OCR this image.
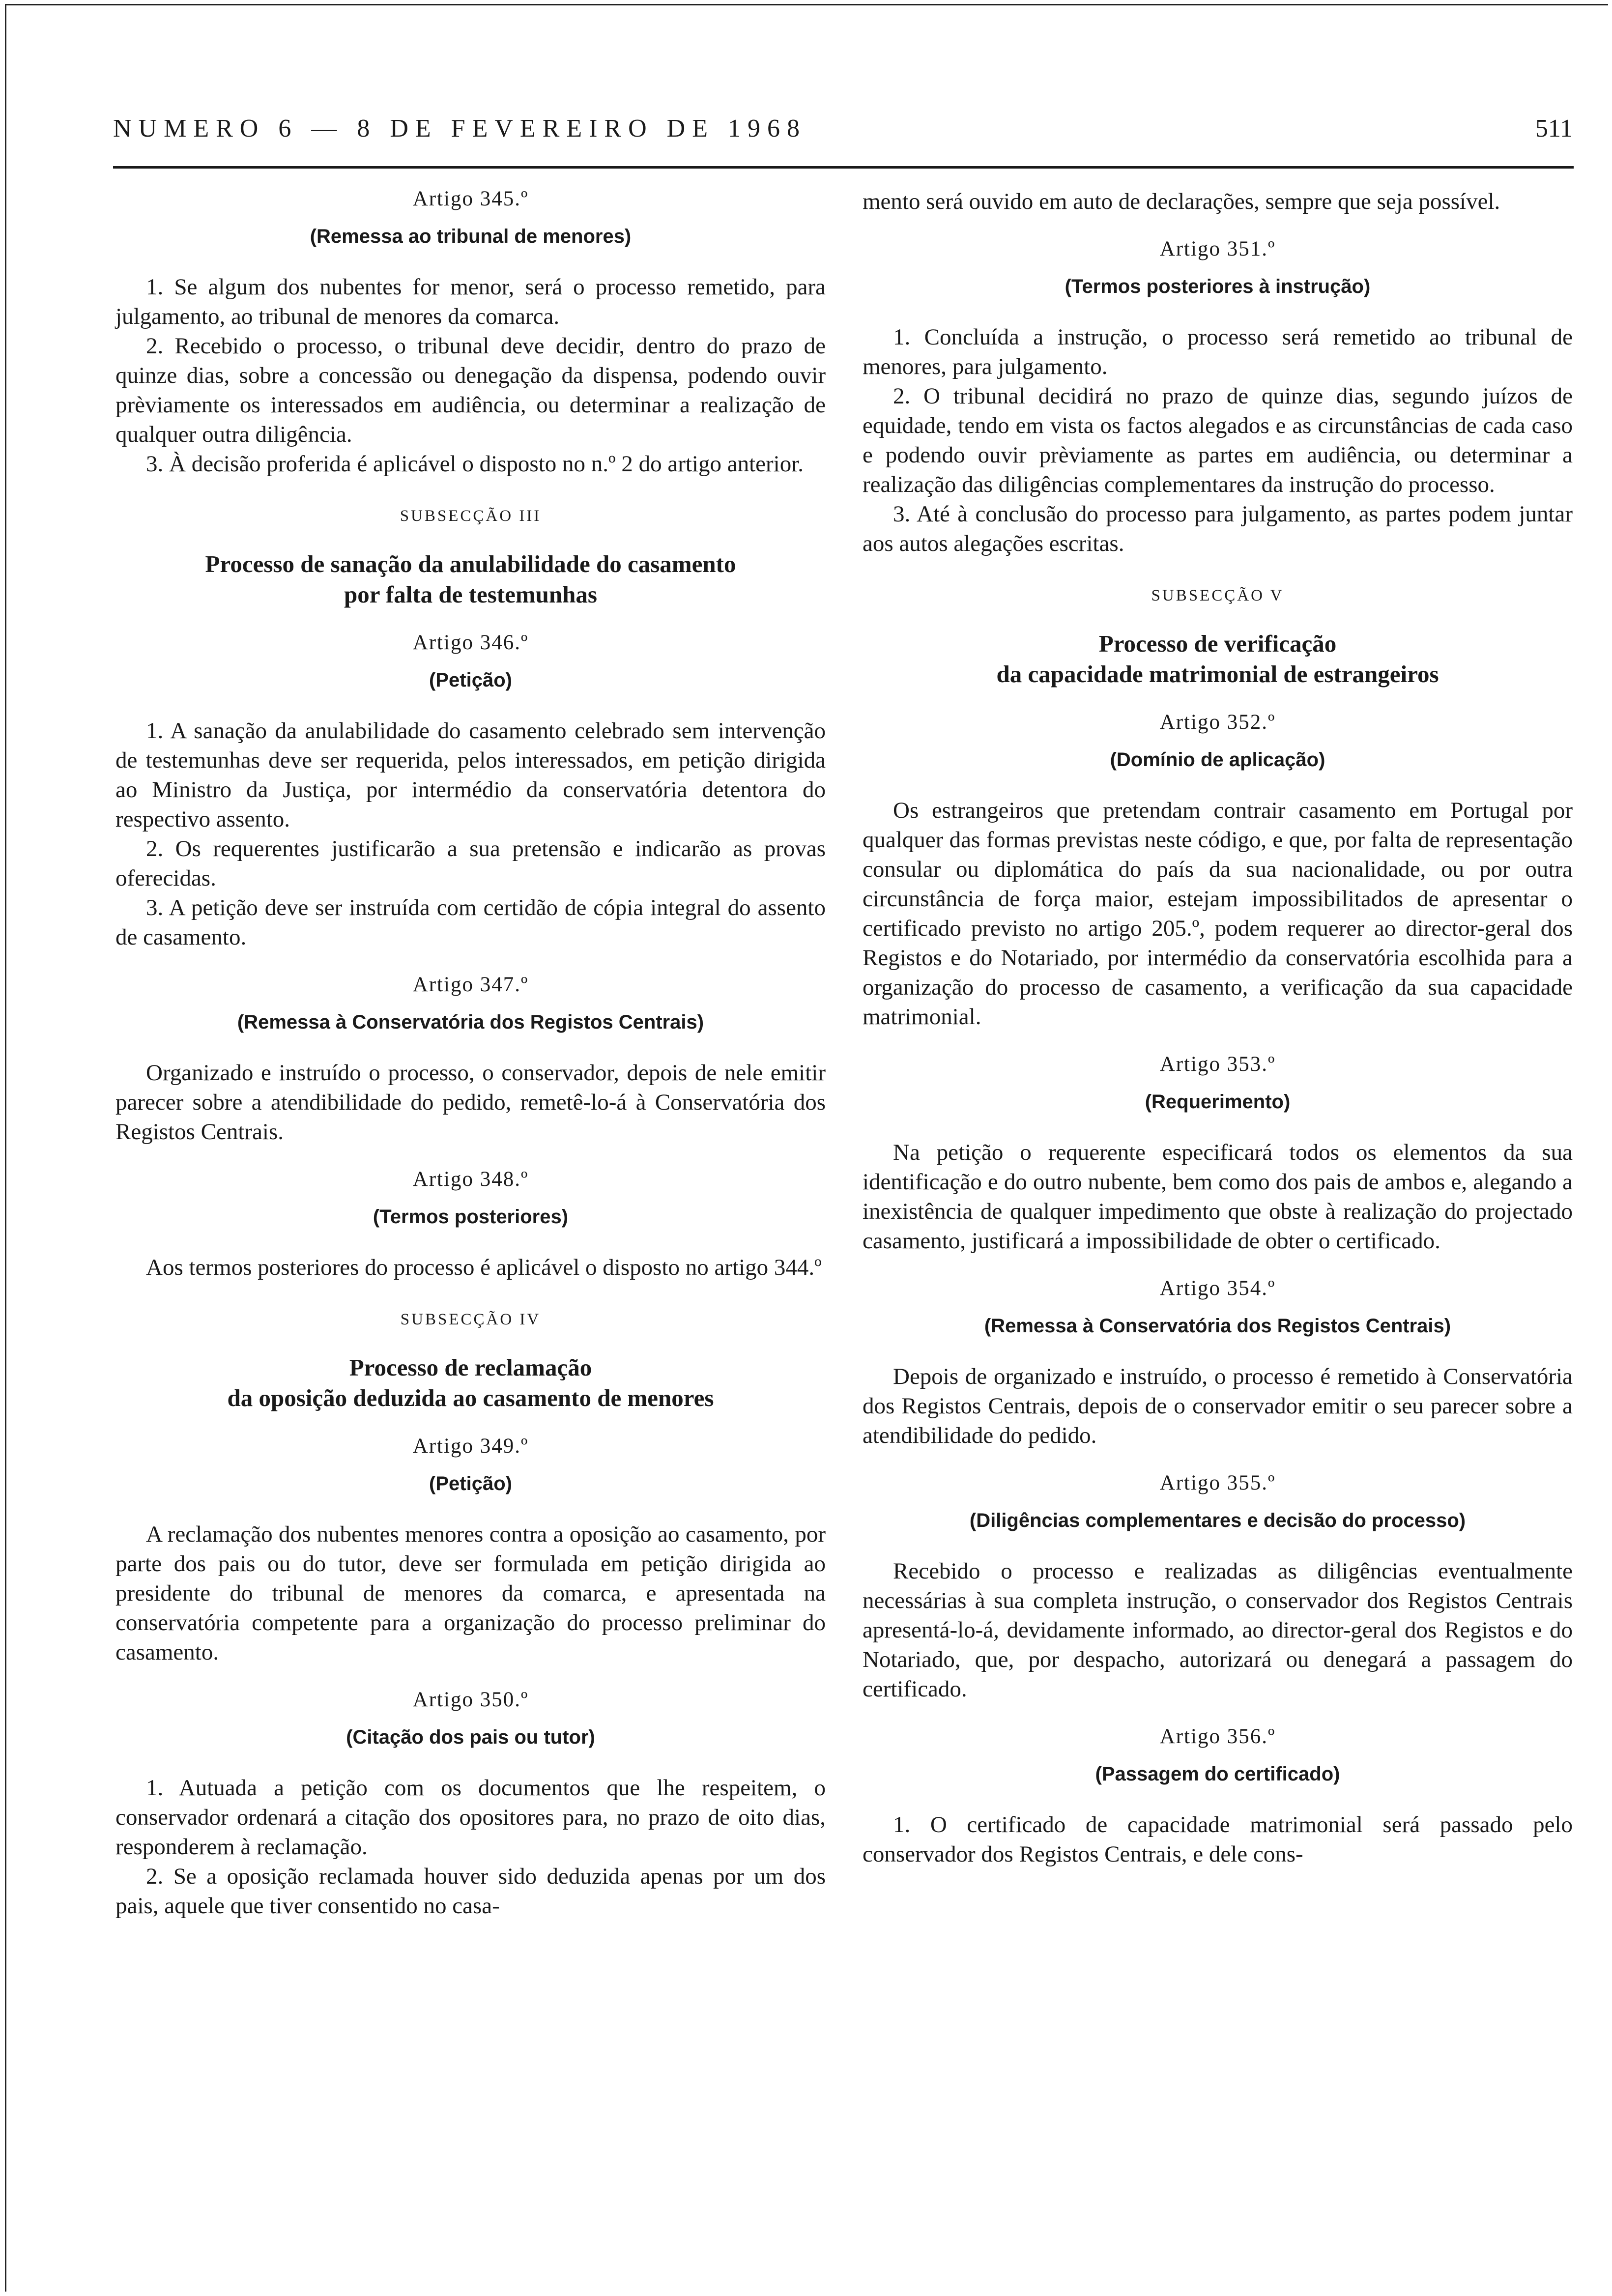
NUMERO 6 — 8 DE FEVEREIRO DE 1968	511
Artigo 345.º
(Remessa ao tribunal de menores)

1. Se algum dos nubentes for menor, será o processo remetido, para julgamento, ao tribunal de menores da comarca.

2. Recebido o processo, o tribunal deve decidir, dentro do prazo de quinze dias, sobre a concessão ou denegação da dispensa, podendo ouvir prèviamente os interessados em audiência, ou determinar a realização de qualquer outra diligência.

3. À decisão proferida é aplicável o disposto no n.º 2 do artigo anterior.

SUBSECÇÃO III
Processo de sanação da anulabilidade do casamento
por falta de testemunhas
Artigo 346.º
(Petição)

1. A sanação da anulabilidade do casamento celebrado sem intervenção de testemunhas deve ser requerida, pelos interessados, em petição dirigida ao Ministro da Justiça, por intermédio da conservatória detentora do respectivo assento.

2. Os requerentes justificarão a sua pretensão e indicarão as provas oferecidas.

3. A petição deve ser instruída com certidão de cópia integral do assento de casamento.

Artigo 347.º
(Remessa à Conservatória dos Registos Centrais)

Organizado e instruído o processo, o conservador, depois de nele emitir parecer sobre a atendibilidade do pedido, remetê-lo-á à Conservatória dos Registos Centrais.

Artigo 348.º
(Termos posteriores)

Aos termos posteriores do processo é aplicável o disposto no artigo 344.º

SUBSECÇÃO IV
Processo de reclamação
da oposição deduzida ao casamento de menores
Artigo 349.º
(Petição)

A reclamação dos nubentes menores contra a oposição ao casamento, por parte dos pais ou do tutor, deve ser formulada em petição dirigida ao presidente do tribunal de menores da comarca, e apresentada na conservatória competente para a organização do processo preliminar do casamento.

Artigo 350.º
(Citação dos pais ou tutor)

1. Autuada a petição com os documentos que lhe respeitem, o conservador ordenará a citação dos opositores para, no prazo de oito dias, responderem à reclamação.

2. Se a oposição reclamada houver sido deduzida apenas por um dos pais, aquele que tiver consentido no casa-

mento será ouvido em auto de declarações, sempre que seja possível.

Artigo 351.º
(Termos posteriores à instrução)

1. Concluída a instrução, o processo será remetido ao tribunal de menores, para julgamento.

2. O tribunal decidirá no prazo de quinze dias, segundo juízos de equidade, tendo em vista os factos alegados e as circunstâncias de cada caso e podendo ouvir prèviamente as partes em audiência, ou determinar a realização das diligências complementares da instrução do processo.

3. Até à conclusão do processo para julgamento, as partes podem juntar aos autos alegações escritas.

SUBSECÇÃO V
Processo de verificação
da capacidade matrimonial de estrangeiros
Artigo 352.º
(Domínio de aplicação)

Os estrangeiros que pretendam contrair casamento em Portugal por qualquer das formas previstas neste código, e que, por falta de representação consular ou diplomática do país da sua nacionalidade, ou por outra circunstância de força maior, estejam impossibilitados de apresentar o certificado previsto no artigo 205.º, podem requerer ao director-geral dos Registos e do Notariado, por intermédio da conservatória escolhida para a organização do processo de casamento, a verificação da sua capacidade matrimonial.

Artigo 353.º
(Requerimento)

Na petição o requerente especificará todos os elementos da sua identificação e do outro nubente, bem como dos pais de ambos e, alegando a inexistência de qualquer impedimento que obste à realização do projectado casamento, justificará a impossibilidade de obter o certificado.

Artigo 354.º
(Remessa à Conservatória dos Registos Centrais)

Depois de organizado e instruído, o processo é remetido à Conservatória dos Registos Centrais, depois de o conservador emitir o seu parecer sobre a atendibilidade do pedido.

Artigo 355.º
(Diligências complementares e decisão do processo)

Recebido o processo e realizadas as diligências eventualmente necessárias à sua completa instrução, o conservador dos Registos Centrais apresentá-lo-á, devidamente informado, ao director-geral dos Registos e do Notariado, que, por despacho, autorizará ou denegará a passagem do certificado.

Artigo 356.º
(Passagem do certificado)

1. O certificado de capacidade matrimonial será passado pelo conservador dos Registos Centrais, e dele cons-
